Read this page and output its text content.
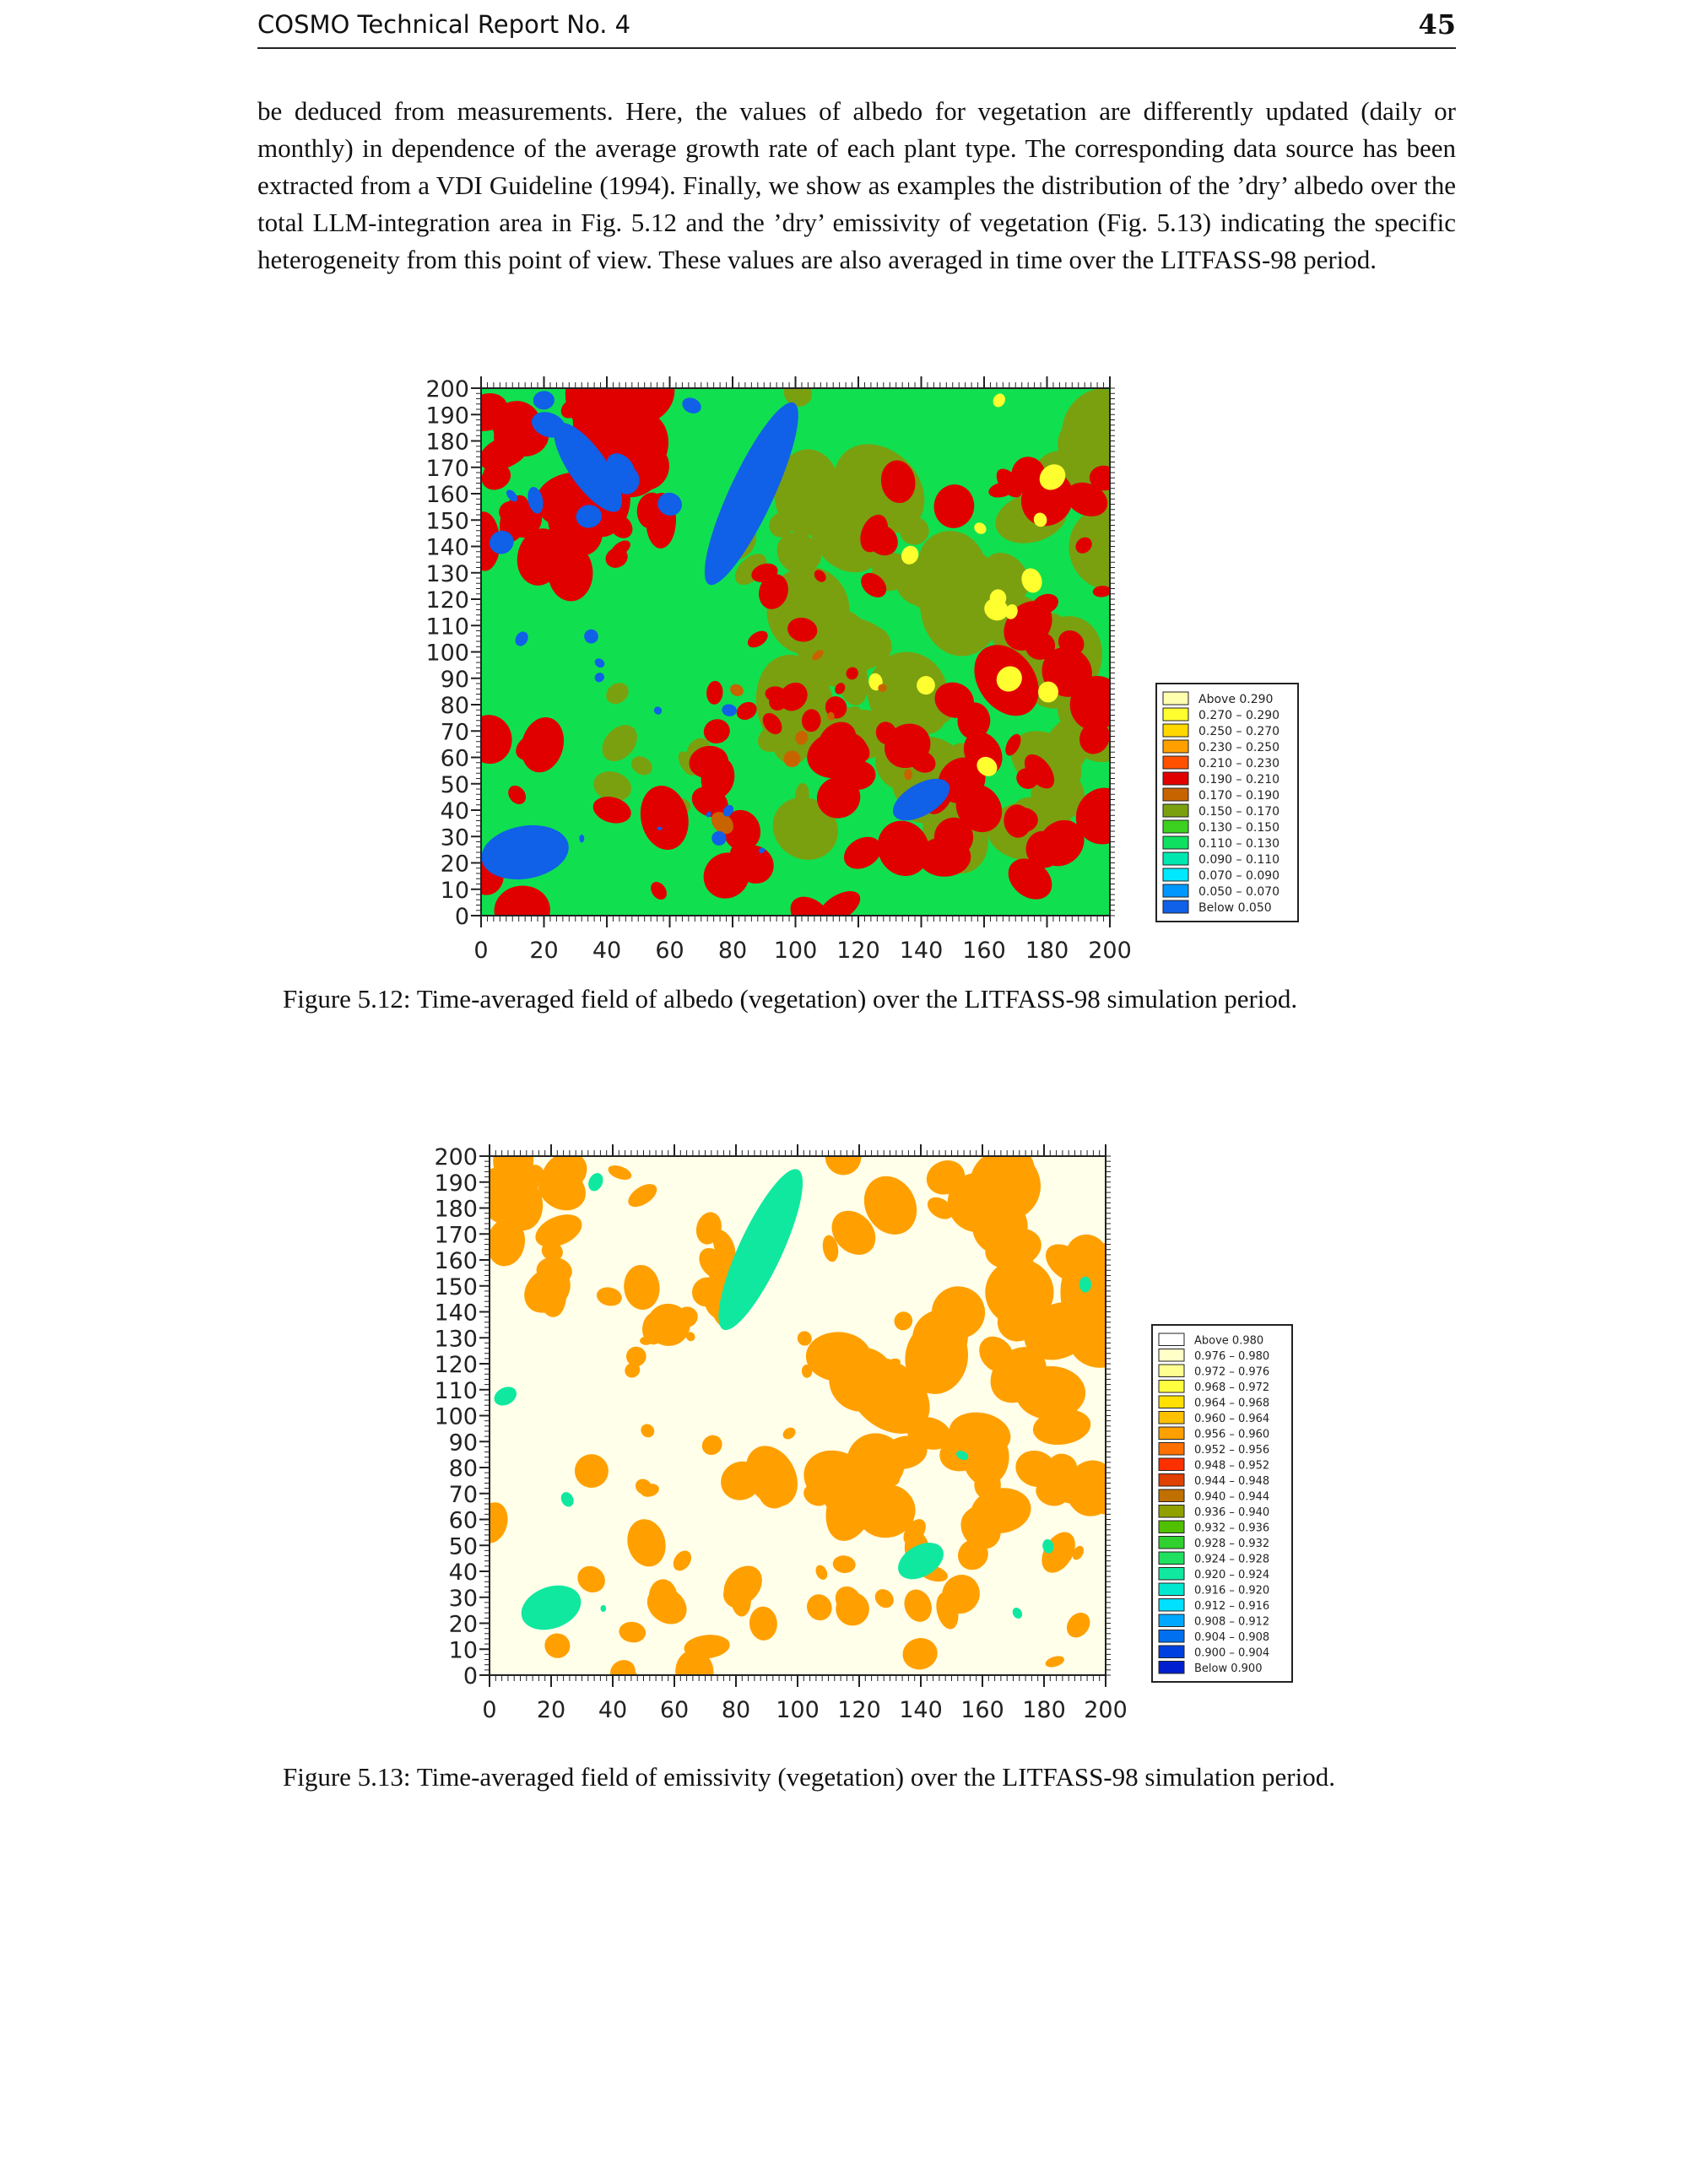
COSMO Technical Report No. 4	45
be deduced from measurements. Here, the values of albedo for vegetation are differently updated (daily or monthly) in dependence of the average growth rate of each plant type. The corresponding data source has been extracted from a VDI Guideline (1994). Finally, we show as examples the distribution of the ’dry’ albedo over the total LLM-integration area in Fig. 5.12 and the ’dry’ emissivity of vegetation (Fig. 5.13) indicating the specific heterogeneity from this point of view. These values are also averaged in time over the LITFASS-98 period.
200
190
180
170
160
150
140
130
120
110
100
90
80
70
60
50
40
30
20
10
0
0 20 40 60 80 100 120 140 160 180 200
Above 0.290
0.270 – 0.290
0.250 – 0.270
0.230 – 0.250
0.210 – 0.230
0.190 – 0.210
0.170 – 0.190
0.150 – 0.170
0.130 – 0.150
0.110 – 0.130
0.090 – 0.110
0.070 – 0.090
0.050 – 0.070
Below 0.050
Figure 5.12: Time-averaged field of albedo (vegetation) over the LITFASS-98 simulation period.
200
190
180
170
160
150
140
130
120
110
100
90
80
70
60
50
40
30
20
10
0
0 20 40 60 80 100 120 140 160 180 200
Above 0.980
0.976 – 0.980
0.972 – 0.976
0.968 – 0.972
0.964 – 0.968
0.960 – 0.964
0.956 – 0.960
0.952 – 0.956
0.948 – 0.952
0.944 – 0.948
0.940 – 0.944
0.936 – 0.940
0.932 – 0.936
0.928 – 0.932
0.924 – 0.928
0.920 – 0.924
0.916 – 0.920
0.912 – 0.916
0.908 – 0.912
0.904 – 0.908
0.900 – 0.904
Below 0.900
Figure 5.13: Time-averaged field of emissivity (vegetation) over the LITFASS-98 simulation period.
